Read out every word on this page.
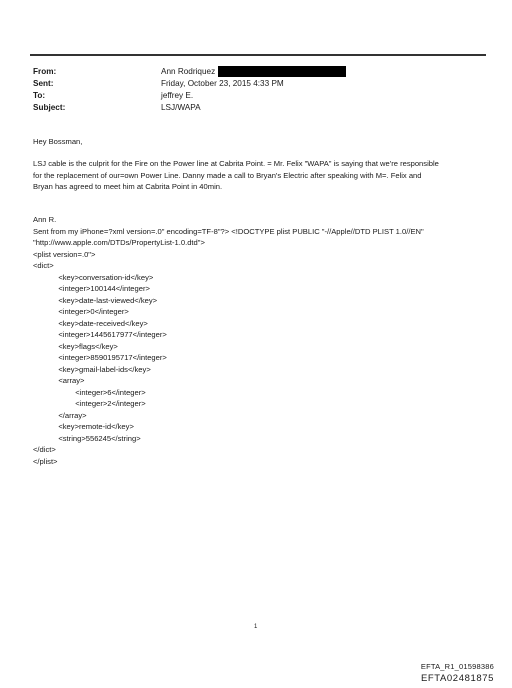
From:	Ann Rodriquez
Sent:	Friday, October 23, 2015 4:33 PM
To:	jeffrey E.
Subject:	LSJ/WAPA
Hey Bossman,
LSJ cable is the culprit for the Fire on the Power line at Cabrita Point. = Mr. Felix "WAPA" is saying that we're responsible
for the replacement of our=own Power Line. Danny made a call to Bryan's Electric after speaking with M=. Felix and
Bryan has agreed to meet him at Cabrita Point in 40min.
Ann R.
Sent from my iPhone=?xml version=.0" encoding=TF-8"?> <!DOCTYPE plist PUBLIC "-//Apple//DTD PLIST 1.0//EN"
"http://www.apple.com/DTDs/PropertyList-1.0.dtd">
<plist version=.0">
<dict>
<key>conversation-id</key>
<integer>100144</integer>
<key>date-last-viewed</key>
<integer>0</integer>
<key>date-received</key>
<integer>1445617977</integer>
<key>flags</key>
<integer>8590195717</integer>
<key>gmail-label-ids</key>
<array>
<integer>6</integer>
<integer>2</integer>
</array>
<key>remote-id</key>
<string>556245</string>
</dict>
</plist>
1
EFTA_R1_01598386
EFTA02481875
